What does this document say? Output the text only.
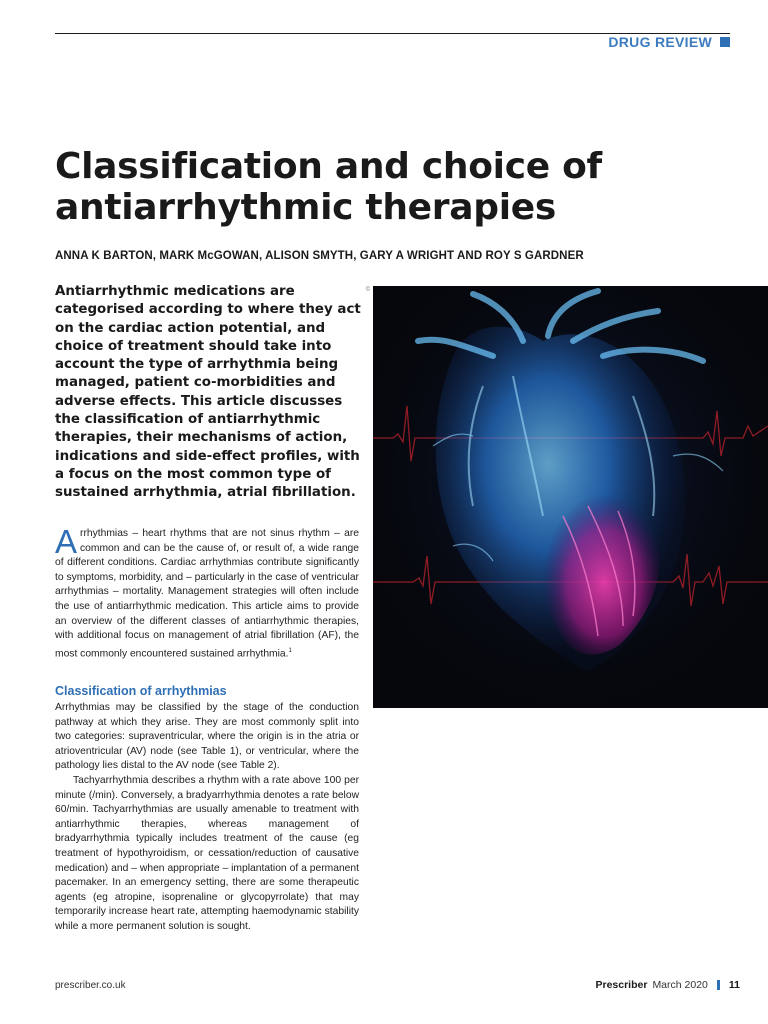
DRUG REVIEW
Classification and choice of
antiarrhythmic therapies
ANNA K BARTON, MARK McGOWAN, ALISON SMYTH, GARY A WRIGHT AND ROY S GARDNER

Antiarrhythmic medications are categorised according to where they act on the cardiac action potential, and choice of treatment should take into account the type of arrhythmia being managed, patient co-morbidities and adverse effects. This article discusses the classification of antiarrhythmic therapies, their mechanisms of action, indications and side-effect profiles, with a focus on the most common type of sustained arrhythmia, atrial fibrillation.

Arrhythmias – heart rhythms that are not sinus rhythm – are common and can be the cause of, or result of, a wide range of different conditions. Cardiac arrhythmias contribute significantly to symptoms, morbidity, and – particularly in the case of ventricular arrhythmias – mortality. Management strategies will often include the use of antiarrhythmic medication. This article aims to provide an overview of the different classes of antiarrhythmic therapies, with additional focus on management of atrial fibrillation (AF), the most commonly encountered sustained arrhythmia.$^1$
Classification of arrhythmias

Arrhythmias may be classified by the stage of the conduction pathway at which they arise. They are most commonly split into two categories: supraventricular, where the origin is in the atria or atrioventricular (AV) node (see Table 1), or ventricular, where the pathology lies distal to the AV node (see Table 2).

Tachyarrhythmia describes a rhythm with a rate above 100 per minute (/min). Conversely, a bradyarrhythmia denotes a rate below 60/min. Tachyarrhythmias are usually amenable to treatment with antiarrhythmic therapies, whereas management of bradyarrhythmia typically includes treatment of the cause (eg treatment of hypothyroidism, or cessation/reduction of causative medication) and – when appropriate – implantation of a permanent pacemaker. In an emergency setting, there are some therapeutic agents (eg atropine, isoprenaline or glycopyrrolate) that may temporarily increase heart rate, attempting haemodynamic stability while a more permanent solution is sought.

©
prescriber.co.uk	Prescriber March 2020 11
